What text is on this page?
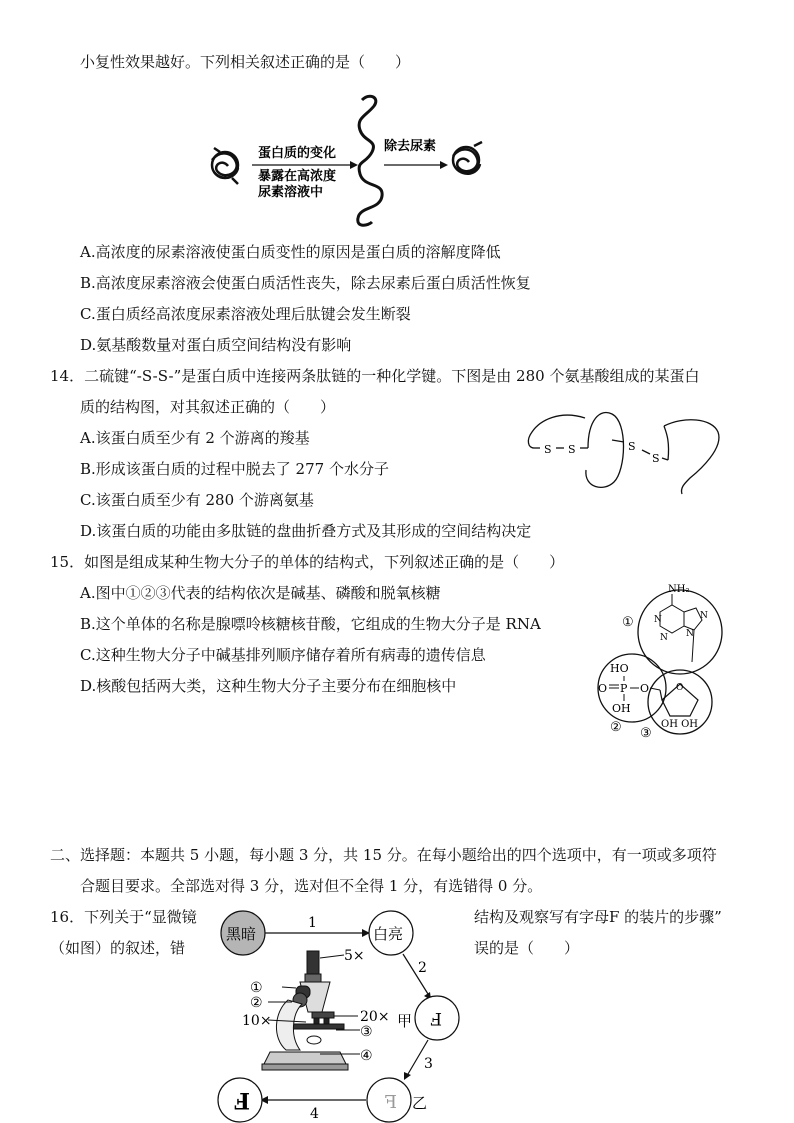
小复性效果越好。下列相关叙述正确的是（　　）
蛋白质的变化
暴露在高浓度
尿素溶液中
除去尿素
A.高浓度的尿素溶液使蛋白质变性的原因是蛋白质的溶解度降低
B.高浓度尿素溶液会使蛋白质活性丧失，除去尿素后蛋白质活性恢复
C.蛋白质经高浓度尿素溶液处理后肽键会发生断裂
D.氨基酸数量对蛋白质空间结构没有影响
14．二硫键“-S-S-”是蛋白质中连接两条肽链的一种化学键。下图是由 280 个氨基酸组成的某蛋白
质的结构图，对其叙述正确的（　　）
S S	S
S
A.该蛋白质至少有 2 个游离的羧基
B.形成该蛋白质的过程中脱去了 277 个水分子
C.该蛋白质至少有 280 个游离氨基
D.该蛋白质的功能由多肽链的盘曲折叠方式及其形成的空间结构决定
15．如图是组成某种生物大分子的单体的结构式，下列叙述正确的是（　　）
①
② ③
NH₂
N
N
N
N
HO
O P O
OH
O
OH OH
A.图中①②③代表的结构依次是碱基、磷酸和脱氧核糖
B.这个单体的名称是腺嘌呤核糖核苷酸，它组成的生物大分子是 RNA
C.这种生物大分子中碱基排列顺序储存着所有病毒的遗传信息
D.核酸包括两大类，这种生物大分子主要分布在细胞核中
二、选择题：本题共 5 小题，每小题 3 分，共 15 分。在每小题给出的四个选项中，有一项或多项符
合题目要求。全部选对得 3 分，选对但不全得 1 分，有选错得 0 分。
16．下列关于“显微镜
（如图）的叙述，错
结构及观察写有字母F 的装片的步骤”
误的是（　　）
黑暗
1
白亮
2
F
甲
3
F 乙
4
F
5×
20×
10×
①
②
③
④
